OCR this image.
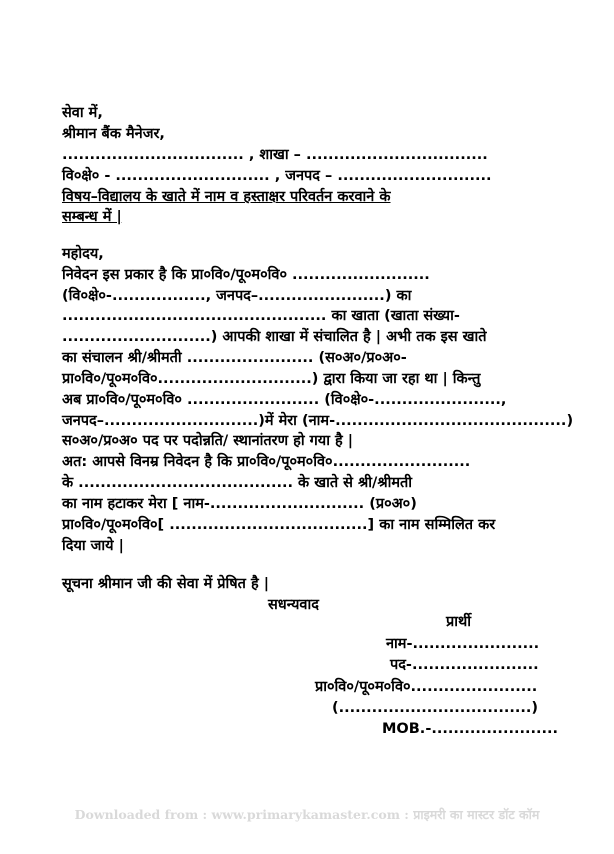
सेवा में,
श्रीमान बैंक मैनेजर,
................................. , शाखा – .................................
वि०क्षे० - ............................ , जनपद – ............................
विषय–विद्यालय के खाते में नाम व हस्ताक्षर परिवर्तन करवाने के
सम्बन्ध में |
महोदय,
निवेदन इस प्रकार है कि प्रा०वि०/पू०म०वि० .........................
(वि०क्षे०-................., जनपद–.......................) का
................................................ का खाता (खाता संख्या-
...........................) आपकी शाखा में संचालित है | अभी तक इस खाते
का संचालन श्री/श्रीमती ....................... (स०अ०/प्र०अ०-
प्रा०वि०/पू०म०वि०............................) द्वारा किया जा रहा था | किन्तु
अब प्रा०वि०/पू०म०वि० ........................ (वि०क्षे०-.......................,
जनपद–............................)में मेरा (नाम-..........................................)
स०अ०/प्र०अ० पद पर पदोन्नति/ स्थानांतरण हो गया है |
अत: आपसे विनम्र निवेदन है कि प्रा०वि०/पू०म०वि०.........................
के ....................................... के खाते से श्री/श्रीमती
का नाम हटाकर मेरा [ नाम-............................ (प्र०अ०)
प्रा०वि०/पू०म०वि०[ ....................................] का नाम सम्मिलित कर
दिया जाये |
सूचना श्रीमान जी की सेवा में प्रेषित है |
सधन्यवाद
प्रार्थी
नाम-.......................
पद-.......................
प्रा०वि०/पू०म०वि०.......................
(...................................)
MOB.-.......................
Downloaded from : www.primarykamaster.com : प्राइमरी का मास्टर डॉट कॉम
